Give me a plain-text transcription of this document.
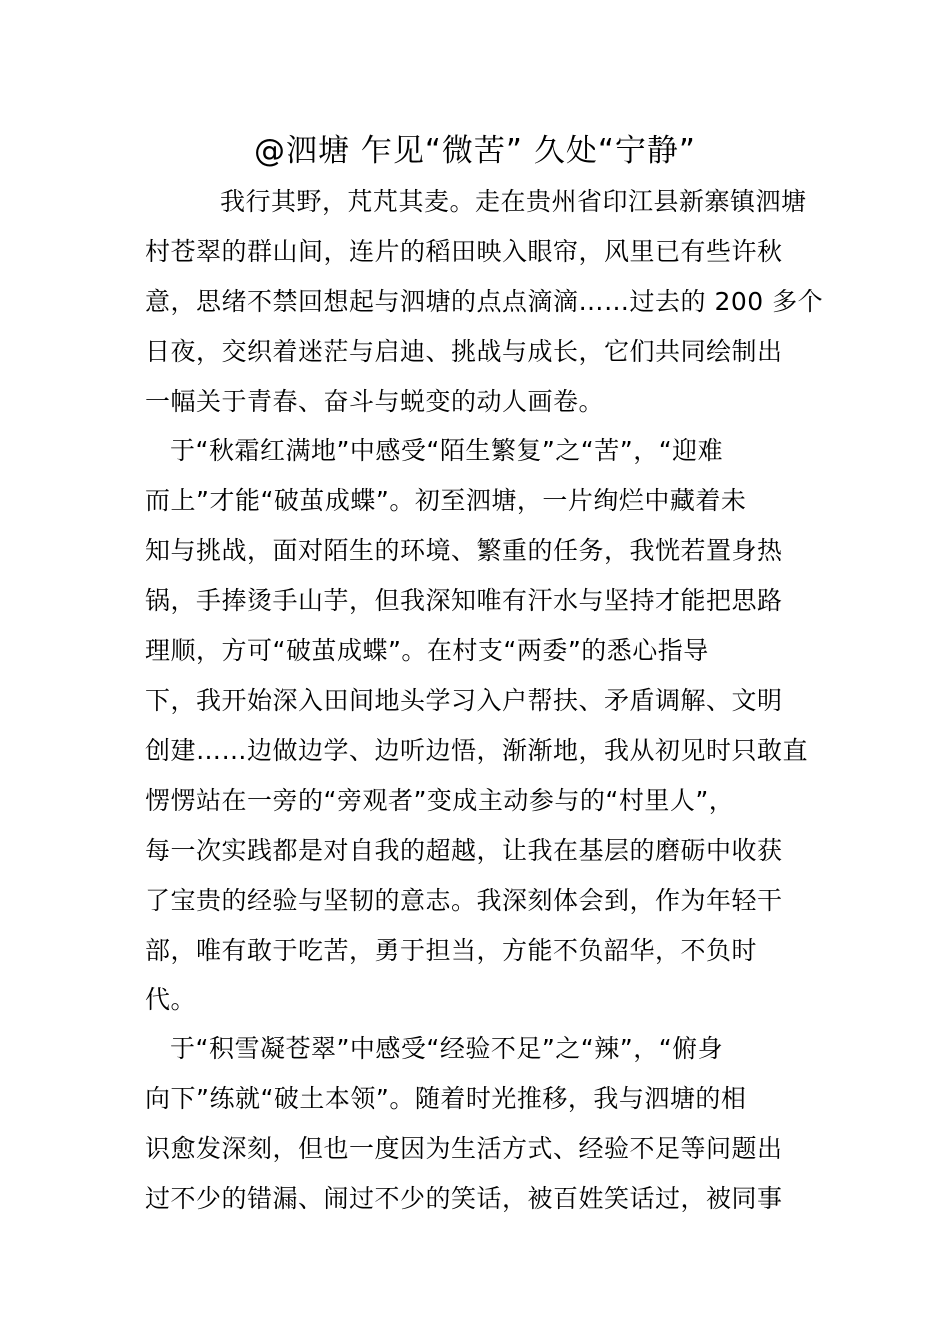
@泗塘 乍见“微苦” 久处“宁静”
我行其野，芃芃其麦。走在贵州省印江县新寨镇泗塘
村苍翠的群山间，连片的稻田映入眼帘，风里已有些许秋
意，思绪不禁回想起与泗塘的点点滴滴……过去的 200 多个
日夜，交织着迷茫与启迪、挑战与成长，它们共同绘制出
一幅关于青春、奋斗与蜕变的动人画卷。
于“秋霜红满地”中感受“陌生繁复”之“苦”，“迎难
而上”才能“破茧成蝶”。初至泗塘，一片绚烂中藏着未
知与挑战，面对陌生的环境、繁重的任务，我恍若置身热
锅，手捧烫手山芋，但我深知唯有汗水与坚持才能把思路
理顺，方可“破茧成蝶”。在村支“两委”的悉心指导
下，我开始深入田间地头学习入户帮扶、矛盾调解、文明
创建……边做边学、边听边悟，渐渐地，我从初见时只敢直
愣愣站在一旁的“旁观者”变成主动参与的“村里人”，
每一次实践都是对自我的超越，让我在基层的磨砺中收获
了宝贵的经验与坚韧的意志。我深刻体会到，作为年轻干
部，唯有敢于吃苦，勇于担当，方能不负韶华，不负时
代。
于“积雪凝苍翠”中感受“经验不足”之“辣”，“俯身
向下”练就“破土本领”。随着时光推移，我与泗塘的相
识愈发深刻，但也一度因为生活方式、经验不足等问题出
过不少的错漏、闹过不少的笑话，被百姓笑话过，被同事
